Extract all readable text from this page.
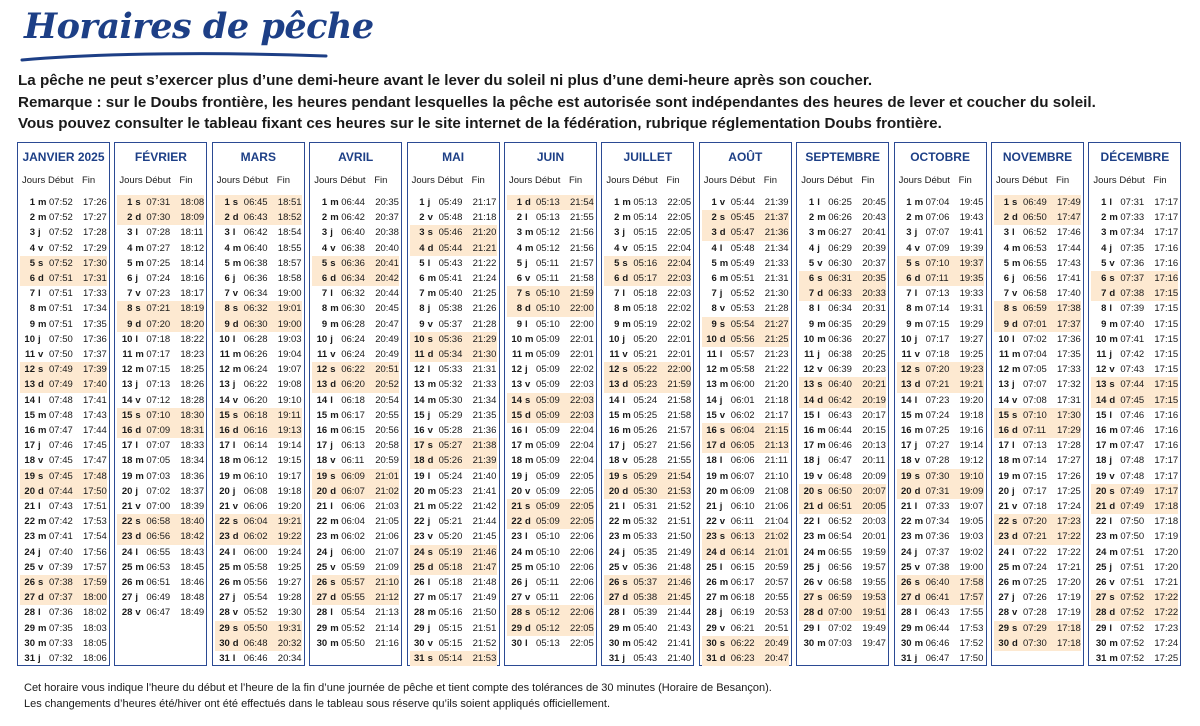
Horaires de pêche

La pêche ne peut s’exercer plus d’une demi-heure avant le lever du soleil ni plus d’une demi-heure après son coucher.

Remarque : sur le Doubs frontière, les heures pendant lesquelles la pêche est autorisée sont indépendantes des heures de lever et coucher du soleil.

Vous pouvez consulter le tableau fixant ces heures sur le site internet de la fédération, rubrique réglementation Doubs frontière.

JANVIER 2025
Jours Début Fin
1 m 07:52 17:26
2 m 07:52 17:27
3 j 07:52 17:28
4 v 07:52 17:29
5 s 07:52 17:30
6 d 07:51 17:31
7 l 07:51 17:33
8 m 07:51 17:34
9 m 07:51 17:35
10 j 07:50 17:36
11 v 07:50 17:37
12 s 07:49 17:39
13 d 07:49 17:40
14 l 07:48 17:41
15 m 07:48 17:43
16 m 07:47 17:44
17 j 07:46 17:45
18 v 07:45 17:47
19 s 07:45 17:48
20 d 07:44 17:50
21 l 07:43 17:51
22 m 07:42 17:53
23 m 07:41 17:54
24 j 07:40 17:56
25 v 07:39 17:57
26 s 07:38 17:59
27 d 07:37 18:00
28 l 07:36 18:02
29 m 07:35 18:03
30 m 07:33 18:05
31 j 07:32 18:06
FÉVRIER
Jours Début Fin
1 s 07:31 18:08
2 d 07:30 18:09
3 l 07:28 18:11
4 m 07:27 18:12
5 m 07:25 18:14
6 j 07:24 18:16
7 v 07:23 18:17
8 s 07:21 18:19
9 d 07:20 18:20
10 l 07:18 18:22
11 m 07:17 18:23
12 m 07:15 18:25
13 j 07:13 18:26
14 v 07:12 18:28
15 s 07:10 18:30
16 d 07:09 18:31
17 l 07:07 18:33
18 m 07:05 18:34
19 m 07:03 18:36
20 j 07:02 18:37
21 v 07:00 18:39
22 s 06:58 18:40
23 d 06:56 18:42
24 l 06:55 18:43
25 m 06:53 18:45
26 m 06:51 18:46
27 j 06:49 18:48
28 v 06:47 18:49
MARS
Jours Début Fin
1 s 06:45 18:51
2 d 06:43 18:52
3 l 06:42 18:54
4 m 06:40 18:55
5 m 06:38 18:57
6 j 06:36 18:58
7 v 06:34 19:00
8 s 06:32 19:01
9 d 06:30 19:00
10 l 06:28 19:03
11 m 06:26 19:04
12 m 06:24 19:07
13 j 06:22 19:08
14 v 06:20 19:10
15 s 06:18 19:11
16 d 06:16 19:13
17 l 06:14 19:14
18 m 06:12 19:15
19 m 06:10 19:17
20 j 06:08 19:18
21 v 06:06 19:20
22 s 06:04 19:21
23 d 06:02 19:22
24 l 06:00 19:24
25 m 05:58 19:25
26 m 05:56 19:27
27 j 05:54 19:28
28 v 05:52 19:30
29 s 05:50 19:31
30 d 06:48 20:32
31 l 06:46 20:34
AVRIL
Jours Début Fin
1 m 06:44 20:35
2 m 06:42 20:37
3 j 06:40 20:38
4 v 06:38 20:40
5 s 06:36 20:41
6 d 06:34 20:42
7 l 06:32 20:44
8 m 06:30 20:45
9 m 06:28 20:47
10 j 06:24 20:49
11 v 06:24 20:49
12 s 06:22 20:51
13 d 06:20 20:52
14 l 06:18 20:54
15 m 06:17 20:55
16 m 06:15 20:56
17 j 06:13 20:58
18 v 06:11 20:59
19 s 06:09 21:01
20 d 06:07 21:02
21 l 06:06 21:03
22 m 06:04 21:05
23 m 06:02 21:06
24 j 06:00 21:07
25 v 05:59 21:09
26 s 05:57 21:10
27 d 05:55 21:12
28 l 05:54 21:13
29 m 05:52 21:14
30 m 05:50 21:16
MAI
Jours Début Fin
1 j 05:49 21:17
2 v 05:48 21:18
3 s 05:46 21:20
4 d 05:44 21:21
5 l 05:43 21:22
6 m 05:41 21:24
7 m 05:40 21:25
8 j 05:38 21:26
9 v 05:37 21:28
10 s 05:36 21:29
11 d 05:34 21:30
12 l 05:33 21:31
13 m 05:32 21:33
14 m 05:30 21:34
15 j 05:29 21:35
16 v 05:28 21:36
17 s 05:27 21:38
18 d 05:26 21:39
19 l 05:24 21:40
20 m 05:23 21:41
21 m 05:22 21:42
22 j 05:21 21:44
23 v 05:20 21:45
24 s 05:19 21:46
25 d 05:18 21:47
26 l 05:18 21:48
27 m 05:17 21:49
28 m 05:16 21:50
29 j 05:15 21:51
30 v 05:15 21:52
31 s 05:14 21:53
JUIN
Jours Début Fin
1 d 05:13 21:54
2 l 05:13 21:55
3 m 05:12 21:56
4 m 05:12 21:56
5 j 05:11 21:57
6 v 05:11 21:58
7 s 05:10 21:59
8 d 05:10 22:00
9 l 05:10 22:00
10 m 05:09 22:01
11 m 05:09 22:01
12 j 05:09 22:02
13 v 05:09 22:03
14 s 05:09 22:03
15 d 05:09 22:03
16 l 05:09 22:04
17 m 05:09 22:04
18 m 05:09 22:04
19 j 05:09 22:05
20 v 05:09 22:05
21 s 05:09 22:05
22 d 05:09 22:05
23 l 05:10 22:06
24 m 05:10 22:06
25 m 05:10 22:06
26 j 05:11 22:06
27 v 05:11 22:06
28 s 05:12 22:06
29 d 05:12 22:05
30 l 05:13 22:05
JUILLET
Jours Début Fin
1 m 05:13 22:05
2 m 05:14 22:05
3 j 05:15 22:05
4 v 05:15 22:04
5 s 05:16 22:04
6 d 05:17 22:03
7 l 05:18 22:03
8 m 05:18 22:02
9 m 05:19 22:02
10 j 05:20 22:01
11 v 05:21 22:01
12 s 05:22 22:00
13 d 05:23 21:59
14 l 05:24 21:58
15 m 05:25 21:58
16 m 05:26 21:57
17 j 05:27 21:56
18 v 05:28 21:55
19 s 05:29 21:54
20 d 05:30 21:53
21 l 05:31 21:52
22 m 05:32 21:51
23 m 05:33 21:50
24 j 05:35 21:49
25 v 05:36 21:48
26 s 05:37 21:46
27 d 05:38 21:45
28 l 05:39 21:44
29 m 05:40 21:43
30 m 05:42 21:41
31 j 05:43 21:40
AOÛT
Jours Début Fin
1 v 05:44 21:39
2 s 05:45 21:37
3 d 05:47 21:36
4 l 05:48 21:34
5 m 05:49 21:33
6 m 05:51 21:31
7 j 05:52 21:30
8 v 05:53 21:28
9 s 05:54 21:27
10 d 05:56 21:25
11 l 05:57 21:23
12 m 05:58 21:22
13 m 06:00 21:20
14 j 06:01 21:18
15 v 06:02 21:17
16 s 06:04 21:15
17 d 06:05 21:13
18 l 06:06 21:11
19 m 06:07 21:10
20 m 06:09 21:08
21 j 06:10 21:06
22 v 06:11 21:04
23 s 06:13 21:02
24 d 06:14 21:01
25 l 06:15 20:59
26 m 06:17 20:57
27 m 06:18 20:55
28 j 06:19 20:53
29 v 06:21 20:51
30 s 06:22 20:49
31 d 06:23 20:47
SEPTEMBRE
Jours Début Fin
1 l 06:25 20:45
2 m 06:26 20:43
3 m 06:27 20:41
4 j 06:29 20:39
5 v 06:30 20:37
6 s 06:31 20:35
7 d 06:33 20:33
8 l 06:34 20:31
9 m 06:35 20:29
10 m 06:36 20:27
11 j 06:38 20:25
12 v 06:39 20:23
13 s 06:40 20:21
14 d 06:42 20:19
15 l 06:43 20:17
16 m 06:44 20:15
17 m 06:46 20:13
18 j 06:47 20:11
19 v 06:48 20:09
20 s 06:50 20:07
21 d 06:51 20:05
22 l 06:52 20:03
23 m 06:54 20:01
24 m 06:55 19:59
25 j 06:56 19:57
26 v 06:58 19:55
27 s 06:59 19:53
28 d 07:00 19:51
29 l 07:02 19:49
30 m 07:03 19:47
OCTOBRE
Jours Début Fin
1 m 07:04 19:45
2 m 07:06 19:43
3 j 07:07 19:41
4 v 07:09 19:39
5 s 07:10 19:37
6 d 07:11 19:35
7 l 07:13 19:33
8 m 07:14 19:31
9 m 07:15 19:29
10 j 07:17 19:27
11 v 07:18 19:25
12 s 07:20 19:23
13 d 07:21 19:21
14 l 07:23 19:20
15 m 07:24 19:18
16 m 07:25 19:16
17 j 07:27 19:14
18 v 07:28 19:12
19 s 07:30 19:10
20 d 07:31 19:09
21 l 07:33 19:07
22 m 07:34 19:05
23 m 07:36 19:03
24 j 07:37 19:02
25 v 07:38 19:00
26 s 06:40 17:58
27 d 06:41 17:57
28 l 06:43 17:55
29 m 06:44 17:53
30 m 06:46 17:52
31 j 06:47 17:50
NOVEMBRE
Jours Début Fin
1 s 06:49 17:49
2 d 06:50 17:47
3 l 06:52 17:46
4 m 06:53 17:44
5 m 06:55 17:43
6 j 06:56 17:41
7 v 06:58 17:40
8 s 06:59 17:38
9 d 07:01 17:37
10 l 07:02 17:36
11 m 07:04 17:35
12 m 07:05 17:33
13 j 07:07 17:32
14 v 07:08 17:31
15 s 07:10 17:30
16 d 07:11 17:29
17 l 07:13 17:28
18 m 07:14 17:27
19 m 07:15 17:26
20 j 07:17 17:25
21 v 07:18 17:24
22 s 07:20 17:23
23 d 07:21 17:22
24 l 07:22 17:22
25 m 07:24 17:21
26 m 07:25 17:20
27 j 07:26 17:19
28 v 07:28 17:19
29 s 07:29 17:18
30 d 07:30 17:18
DÉCEMBRE
Jours Début Fin
1 l 07:31 17:17
2 m 07:33 17:17
3 m 07:34 17:17
4 j 07:35 17:16
5 v 07:36 17:16
6 s 07:37 17:16
7 d 07:38 17:15
8 l 07:39 17:15
9 m 07:40 17:15
10 m 07:41 17:15
11 j 07:42 17:15
12 v 07:43 17:15
13 s 07:44 17:15
14 d 07:45 17:15
15 l 07:46 17:16
16 m 07:46 17:16
17 m 07:47 17:16
18 j 07:48 17:17
19 v 07:48 17:17
20 s 07:49 17:17
21 d 07:49 17:18
22 l 07:50 17:18
23 m 07:50 17:19
24 m 07:51 17:20
25 j 07:51 17:20
26 v 07:51 17:21
27 s 07:52 17:22
28 d 07:52 17:22
29 l 07:52 17:23
30 m 07:52 17:24
31 m 07:52 17:25

Cet horaire vous indique l’heure du début et l’heure de la fin d’une journée de pêche et tient compte des tolérances de 30 minutes (Horaire de Besançon).

Les changements d’heures été/hiver ont été effectués dans le tableau sous réserve qu’ils soient appliqués officiellement.
